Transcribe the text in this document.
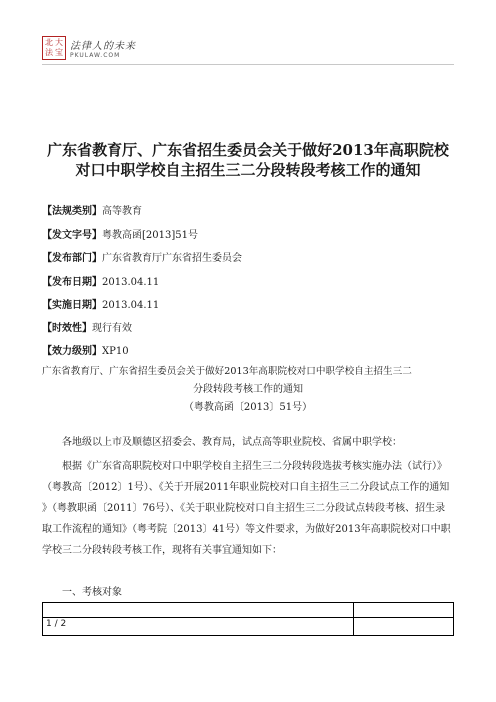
北 大
法 宝
法律人的未来
PKULAW.COM
广东省教育厅、广东省招生委员会关于做好2013年高职院校
对口中职学校自主招生三二分段转段考核工作的通知
【法规类别】高等教育
【发文字号】粤教高函[2013]51号
【发布部门】广东省教育厅广东省招生委员会
【发布日期】2013.04.11
【实施日期】2013.04.11
【时效性】现行有效
【效力级别】XP10
广东省教育厅、广东省招生委员会关于做好2013年高职院校对口中职学校自主招生三二
分段转段考核工作的通知
（粤教高函〔2013〕51号）
各地级以上市及顺德区招委会、教育局，试点高等职业院校、省属中职学校：
根据《广东省高职院校对口中职学校自主招生三二分段转段选拔考核实施办法（试行）》（粤教高〔2012〕1号）、《关于开展2011年职业院校对口自主招生三二分段试点工作的通知 》（粤教职函〔2011〕76号）、《关于职业院校对口自主招生三二分段试点转段考核、招生录取工作流程的通知》（粤考院〔2013〕41号）等文件要求，为做好2013年高职院校对口中职学校三二分段转段考核工作，现将有关事宜通知如下：
一、考核对象
1 / 2
